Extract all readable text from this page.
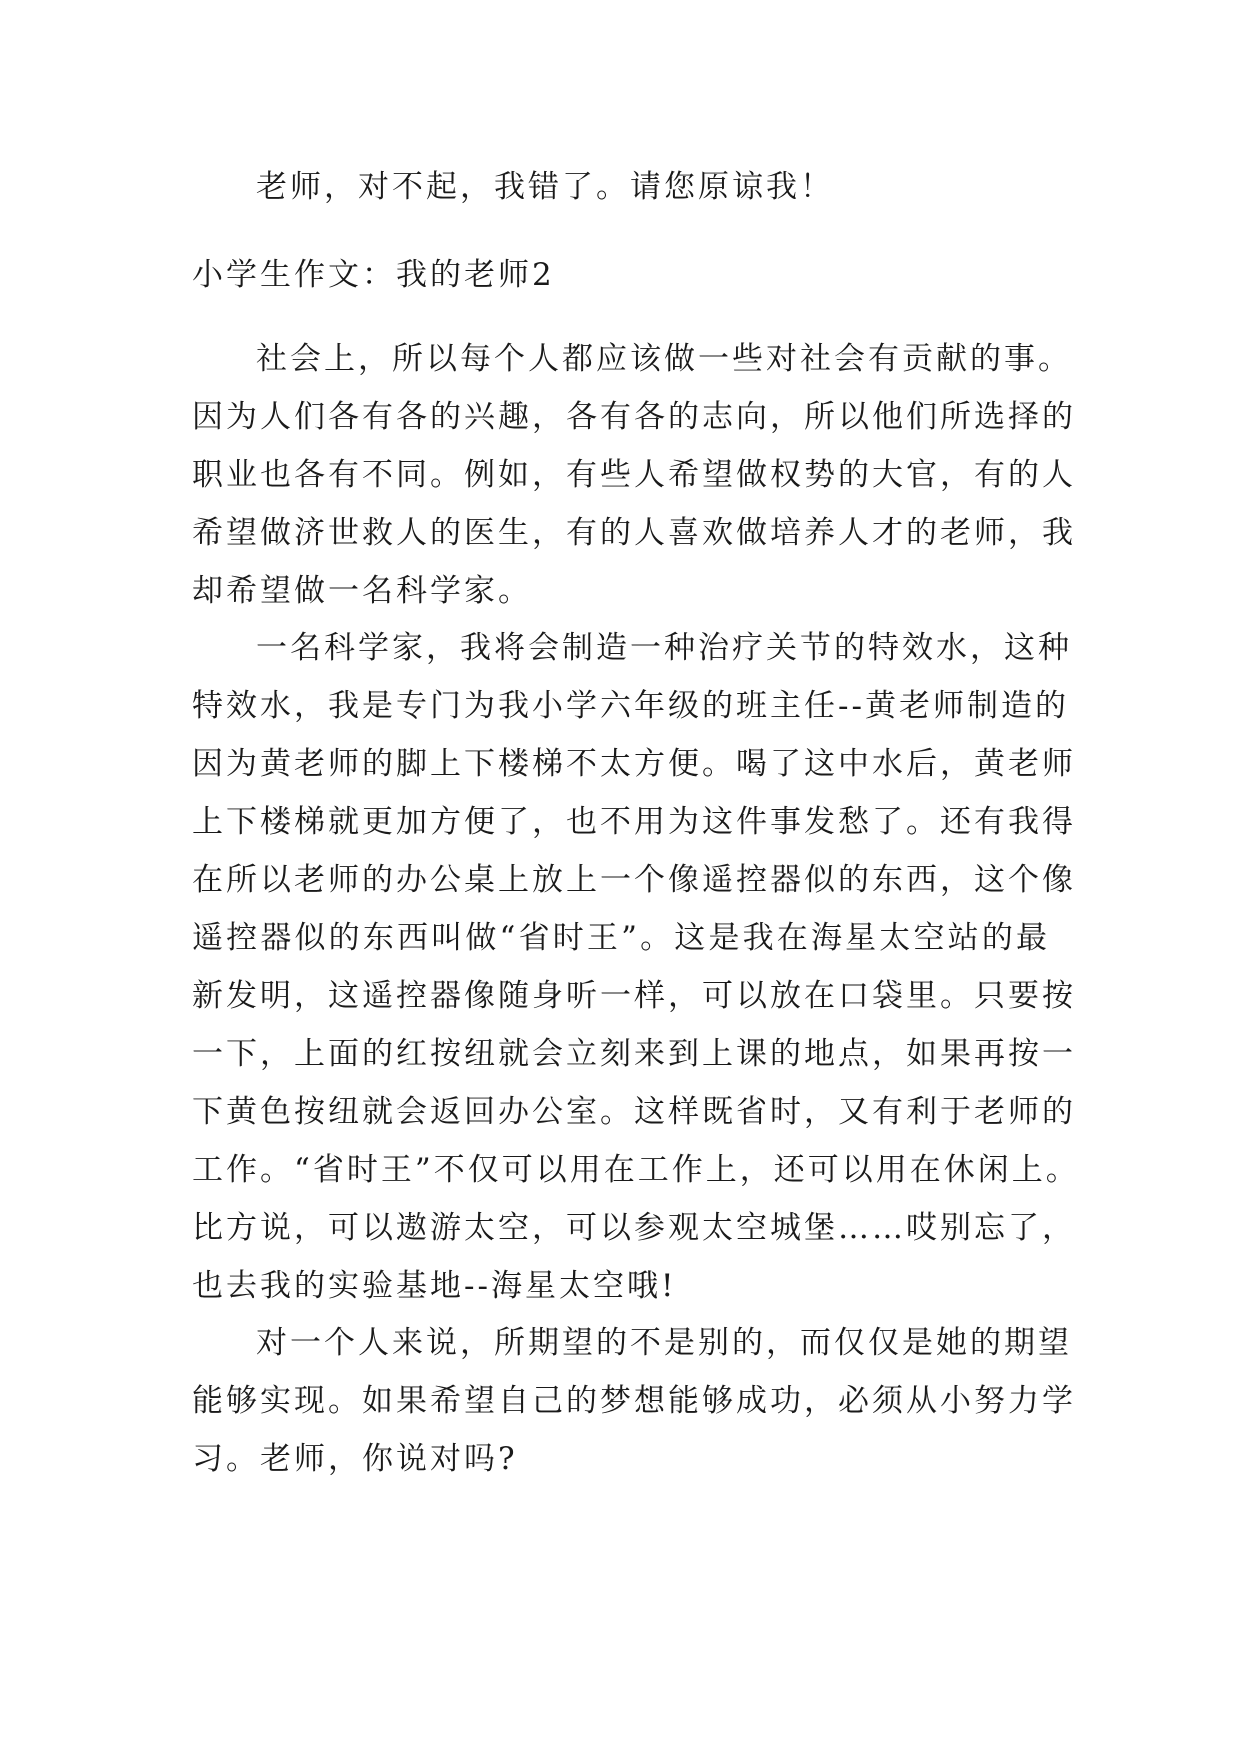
老师，对不起，我错了。请您原谅我！
小学生作文：我的老师2
社会上，所以每个人都应该做一些对社会有贡献的事。
因为人们各有各的兴趣，各有各的志向，所以他们所选择的
职业也各有不同。例如，有些人希望做权势的大官，有的人
希望做济世救人的医生，有的人喜欢做培养人才的老师，我
却希望做一名科学家。
一名科学家，我将会制造一种治疗关节的特效水，这种
特效水，我是专门为我小学六年级的班主任--黄老师制造的
因为黄老师的脚上下楼梯不太方便。喝了这中水后，黄老师
上下楼梯就更加方便了，也不用为这件事发愁了。还有我得
在所以老师的办公桌上放上一个像遥控器似的东西，这个像
遥控器似的东西叫做“省时王”。这是我在海星太空站的最
新发明，这遥控器像随身听一样，可以放在口袋里。只要按
一下，上面的红按纽就会立刻来到上课的地点，如果再按一
下黄色按纽就会返回办公室。这样既省时，又有利于老师的
工作。“省时王”不仅可以用在工作上，还可以用在休闲上。
比方说，可以遨游太空，可以参观太空城堡……哎别忘了，
也去我的实验基地--海星太空哦!
对一个人来说，所期望的不是别的，而仅仅是她的期望
能够实现。如果希望自己的梦想能够成功，必须从小努力学
习。老师，你说对吗?
